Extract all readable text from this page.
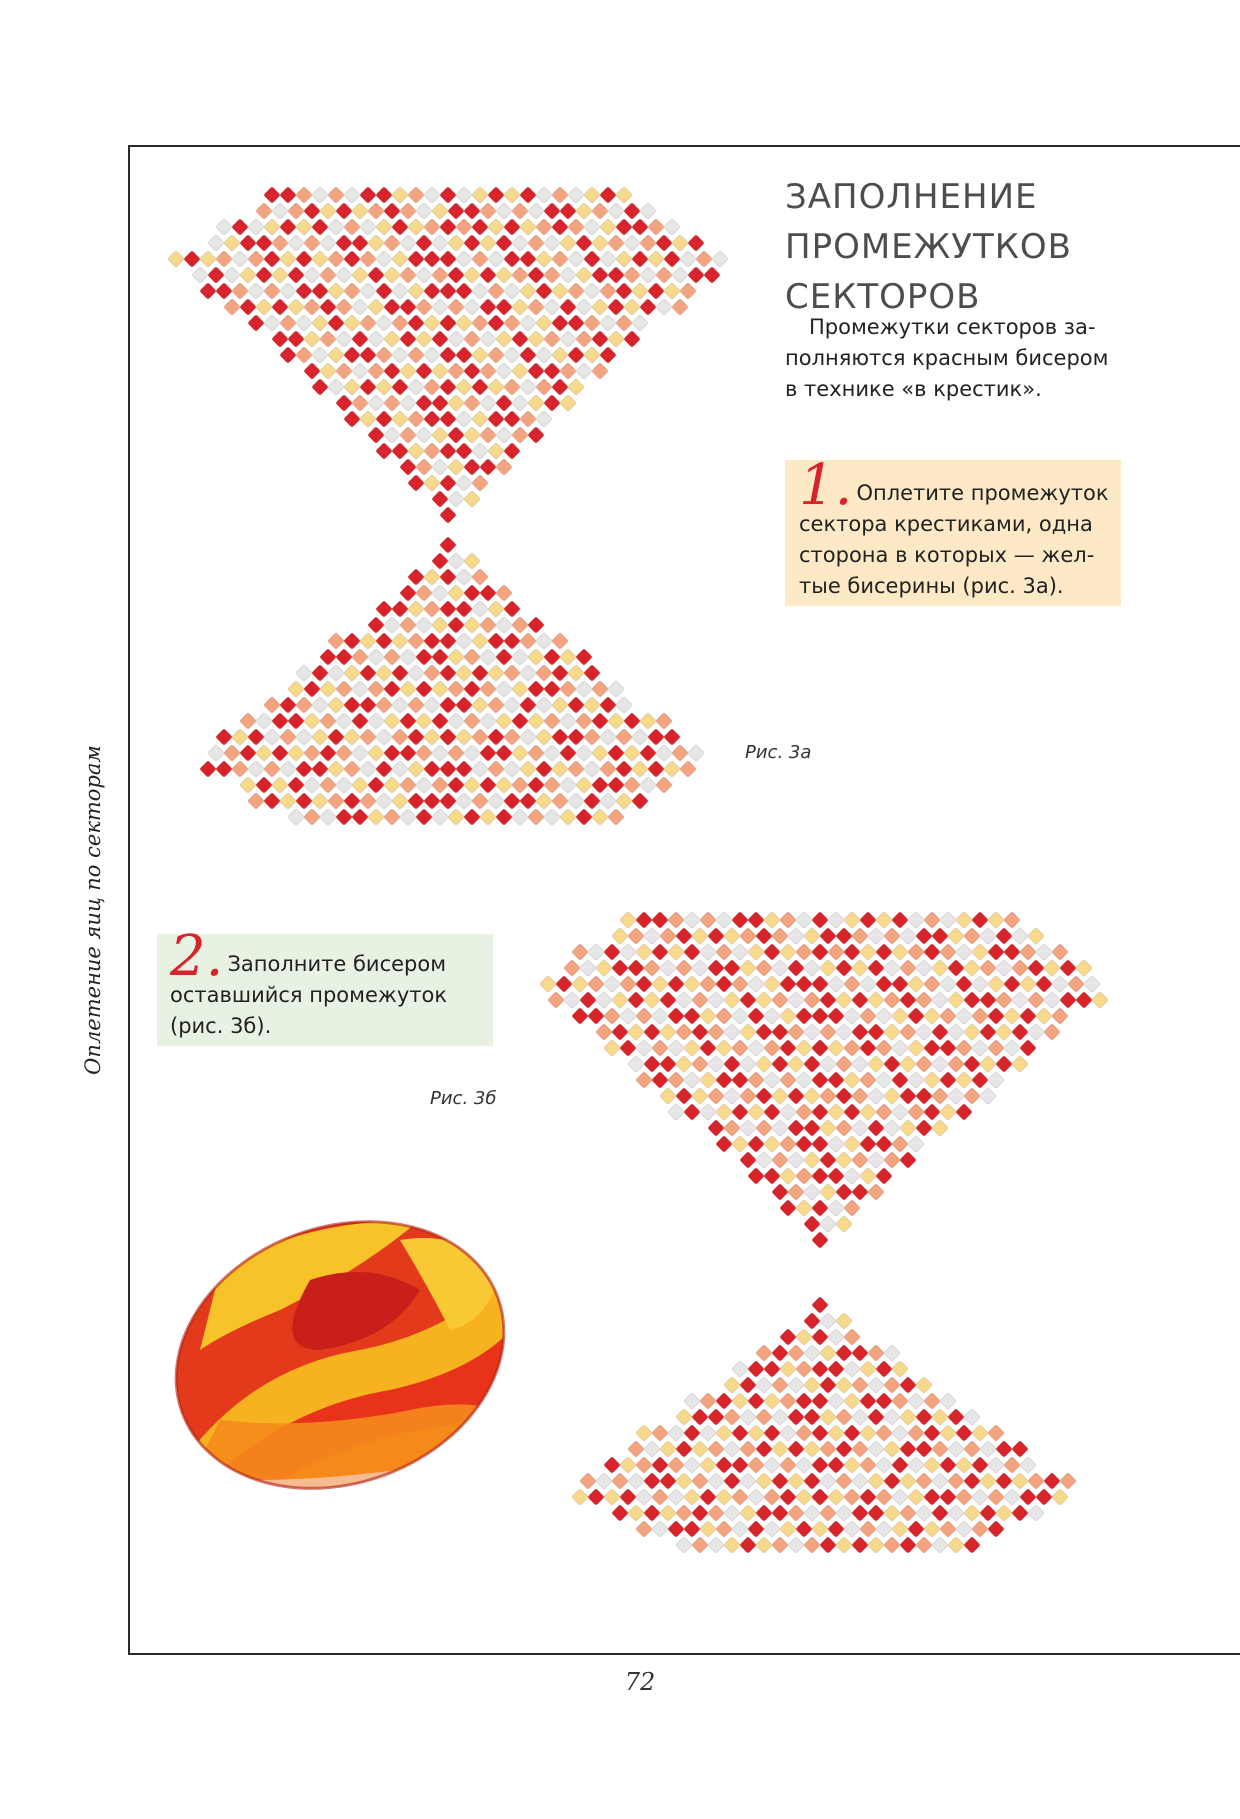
Оплетение яиц по секторам
ЗАПОЛНЕНИЕ
ПРОМЕЖУТКОВ
СЕКТОРОВ
Промежутки секторов за-
полняются красным бисером
в технике «в крестик».
1. Оплетите промежуток
сектора крестиками, одна
сторона в которых — жел-
тые бисерины (рис. 3а).
2. Заполните бисером
оставшийся промежуток
(рис. 3б).
Рис. 3а
Рис. 3б
72
